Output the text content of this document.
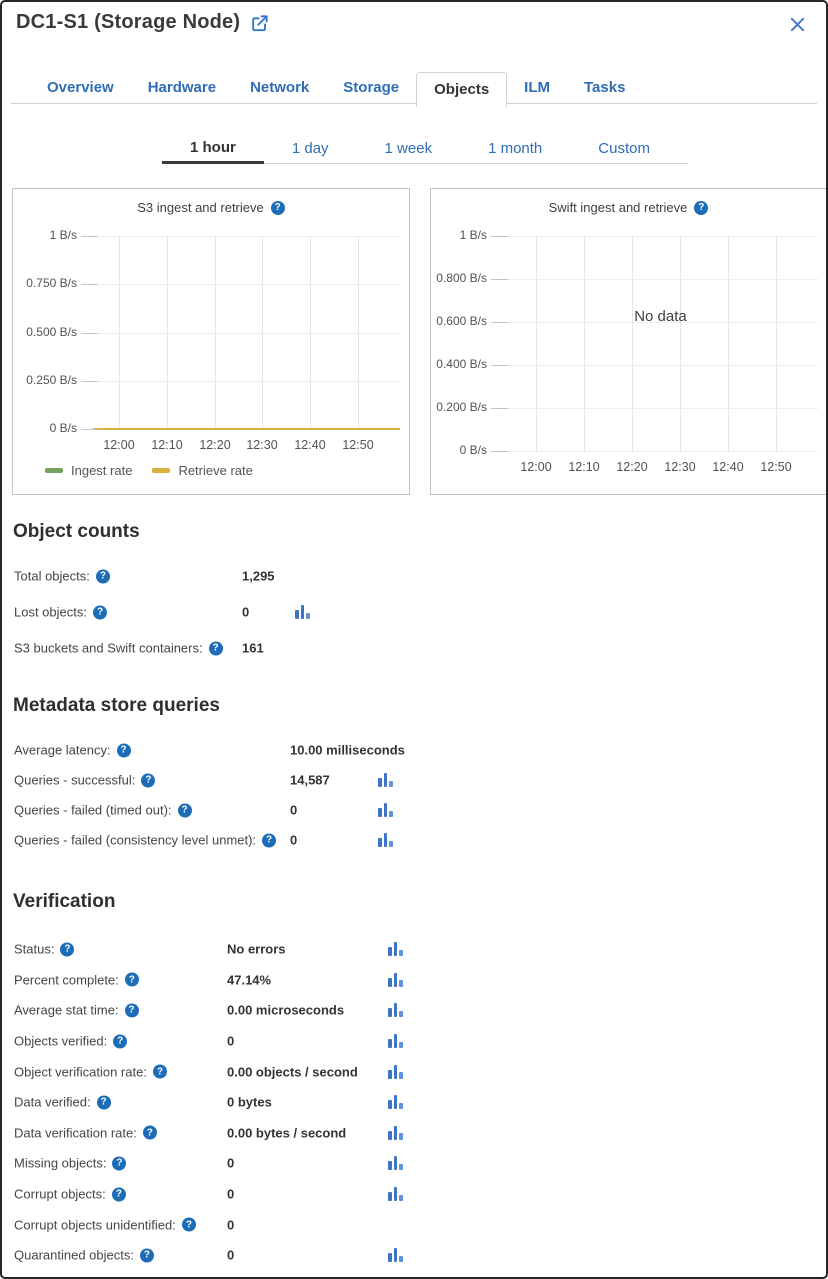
DC1-S1 (Storage Node)
Overview	Hardware	Network	Storage	Objects	ILM	Tasks
1 hour	1 day	1 week	1 month	Custom
S3 ingest and retrieve	?
1 B/s
0.750 B/s
0.500 B/s
0.250 B/s
0 B/s
12:00	12:10	12:20	12:30	12:40	12:50
Ingest rate	Retrieve rate
Swift ingest and retrieve	?
No data
1 B/s
0.800 B/s
0.600 B/s
0.400 B/s
0.200 B/s
0 B/s
12:00	12:10	12:20	12:30	12:40	12:50
Object counts
Total objects: ?	1,295
Lost objects: ?	0
S3 buckets and Swift containers: ?	161
Metadata store queries
Average latency: ?	10.00 milliseconds
Queries - successful: ?	14,587
Queries - failed (timed out): ?	0
Queries - failed (consistency level unmet): ?	0
Verification
Status: ?	No errors
Percent complete: ?	47.14%
Average stat time: ?	0.00 microseconds
Objects verified: ?	0
Object verification rate: ?	0.00 objects / second
Data verified: ?	0 bytes
Data verification rate: ?	0.00 bytes / second
Missing objects: ?	0
Corrupt objects: ?	0
Corrupt objects unidentified: ?	0
Quarantined objects: ?	0
